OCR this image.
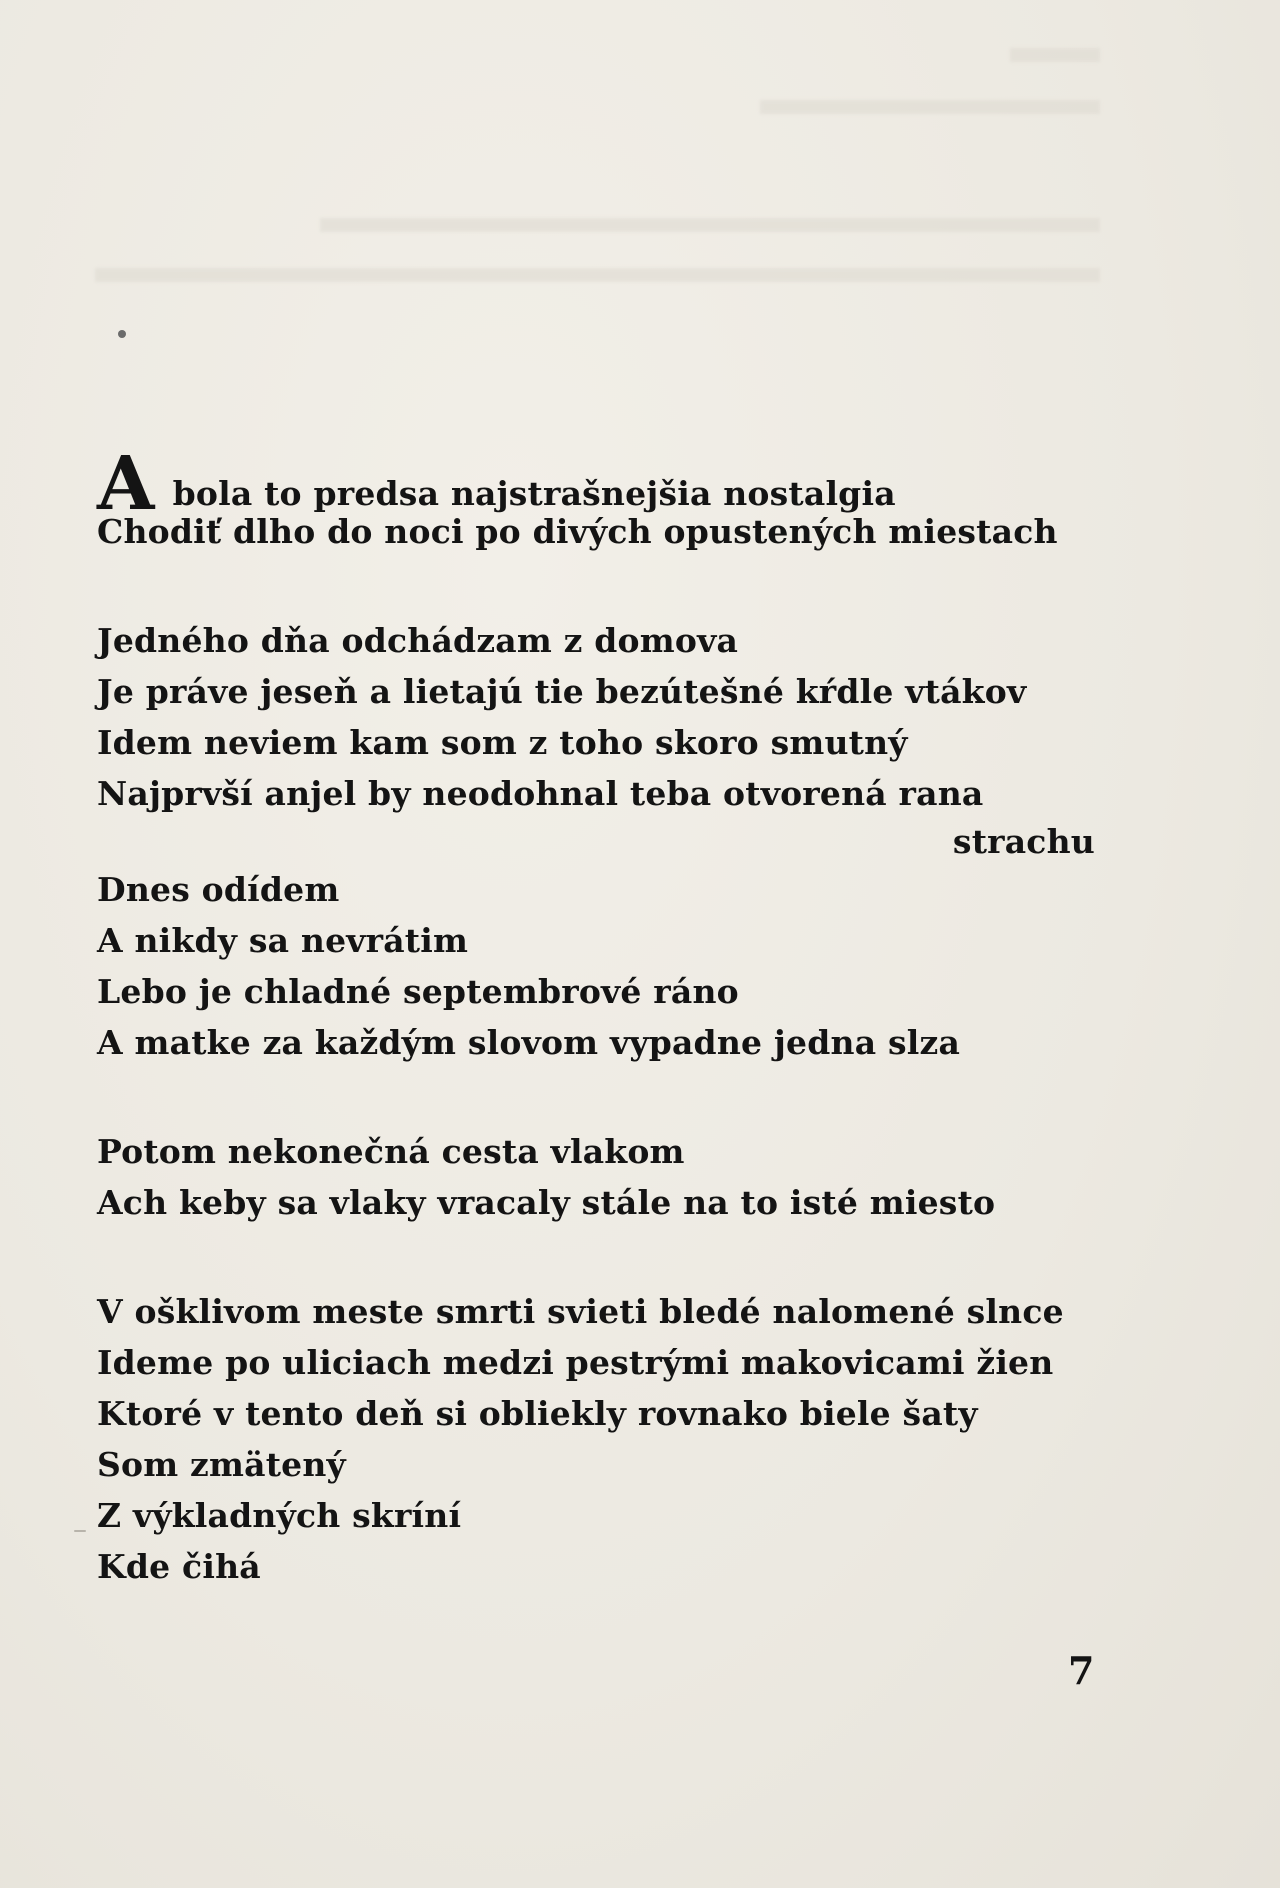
Abola to predsa najstrašnejšia nostalgia
Chodiť dlho do noci po divých opustených miestach
Jedného dňa odchádzam z domova
Je práve jeseň a lietajú tie bezútešné kŕdle vtákov
Idem neviem kam som z toho skoro smutný
Najprvší anjel by neodohnal teba otvorená rana
strachu
Dnes odídem
A nikdy sa nevrátim
Lebo je chladné septembrové ráno
A matke za každým slovom vypadne jedna slza
Potom nekonečná cesta vlakom
Ach keby sa vlaky vracaly stále na to isté miesto
V ošklivom meste smrti svieti bledé nalomené slnce
Ideme po uliciach medzi pestrými makovicami žien
Ktoré v tento deň si obliekly rovnako biele šaty
Som zmätený
Z výkladných skríní
Kde čihá
7
